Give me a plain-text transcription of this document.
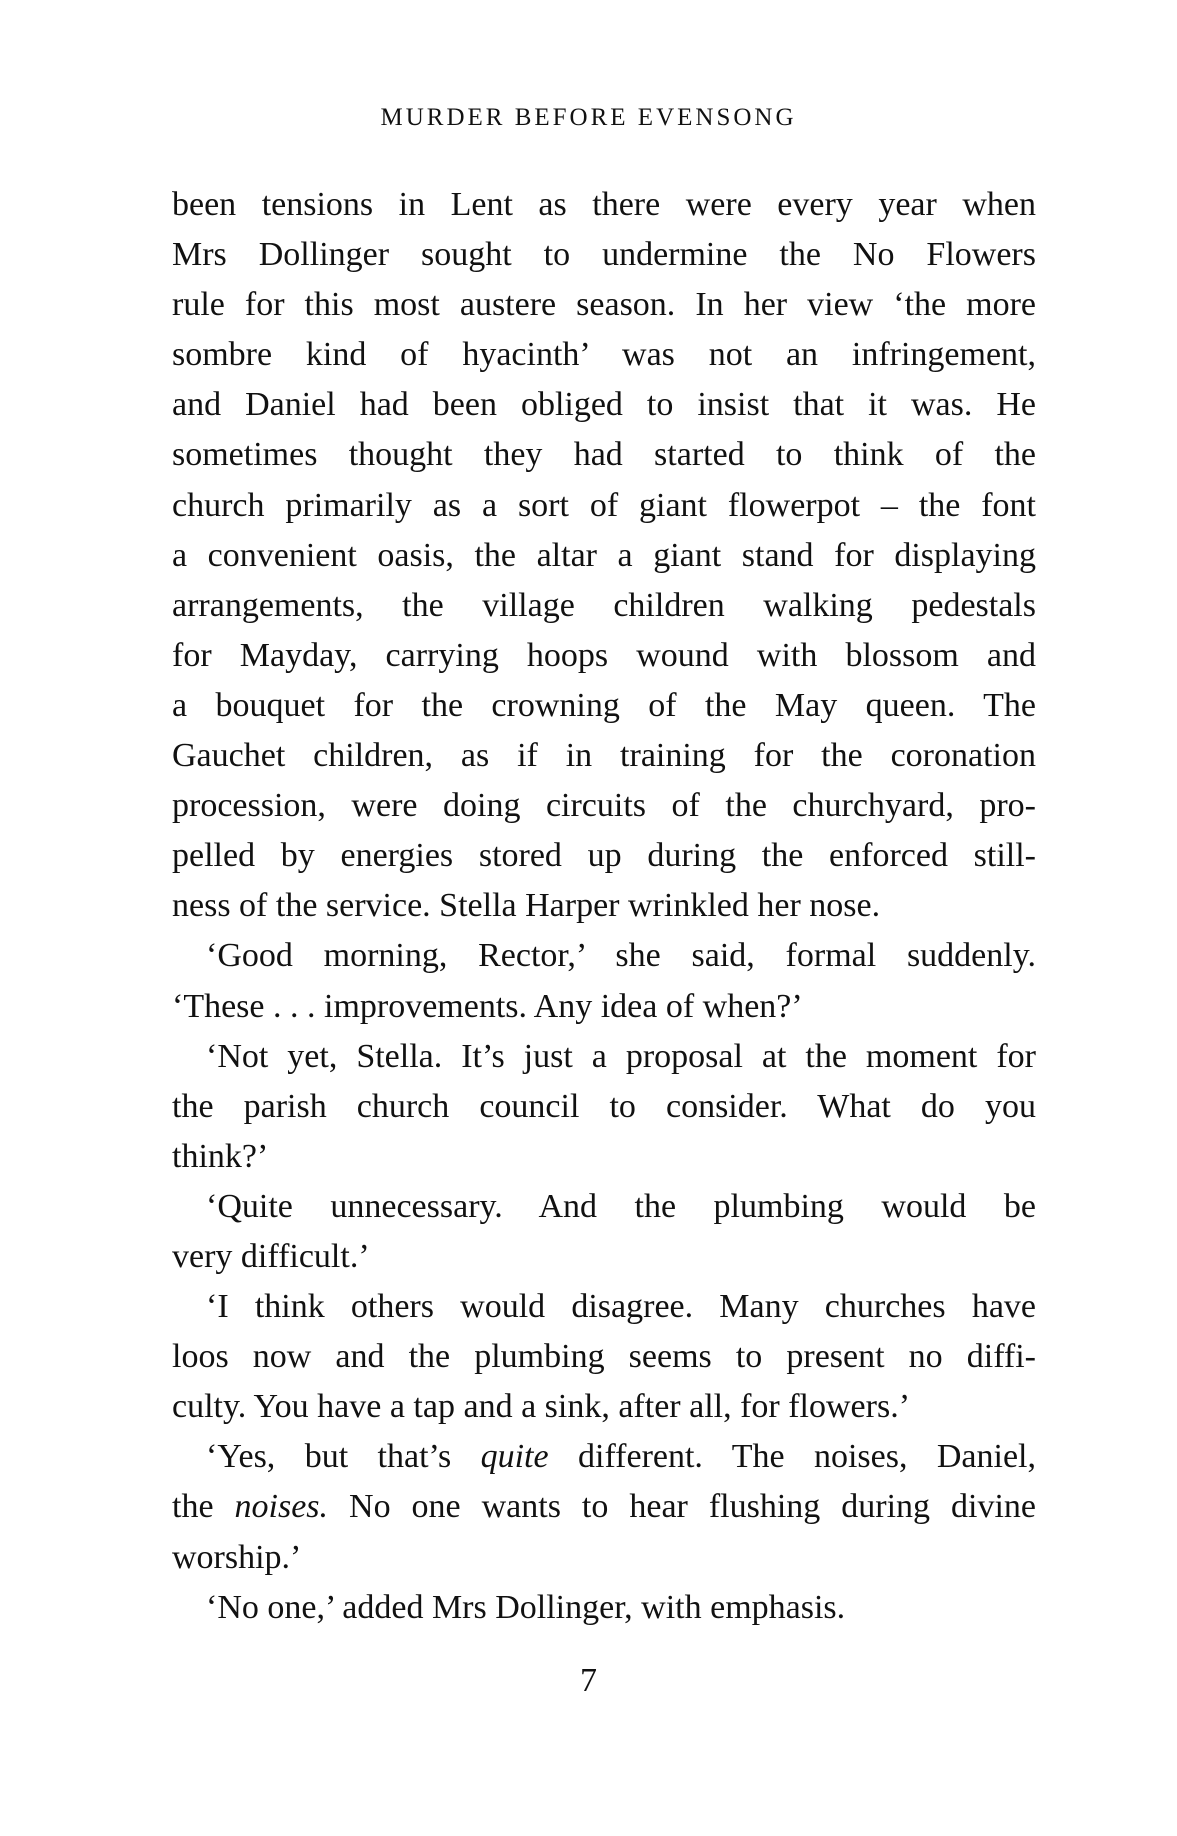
MURDER BEFORE EVENSONG
been tensions in Lent as there were every year when
Mrs Dollinger sought to undermine the No Flowers
rule for this most austere season. In her view ‘the more
sombre kind of hyacinth’ was not an infringement,
and Daniel had been obliged to insist that it was. He
sometimes thought they had started to think of the
church primarily as a sort of giant flowerpot – the font
a convenient oasis, the altar a giant stand for displaying
arrangements, the village children walking pedestals
for Mayday, carrying hoops wound with blossom and
a bouquet for the crowning of the May queen. The
Gauchet children, as if in training for the coronation
procession, were doing circuits of the churchyard, pro-
pelled by energies stored up during the enforced still-
ness of the service. Stella Harper wrinkled her nose.
‘Good morning, Rector,’ she said, formal suddenly.
‘These . . . improvements. Any idea of when?’
‘Not yet, Stella. It’s just a proposal at the moment for
the parish church council to consider. What do you
think?’
‘Quite unnecessary. And the plumbing would be
very difficult.’
‘I think others would disagree. Many churches have
loos now and the plumbing seems to present no diffi-
culty. You have a tap and a sink, after all, for flowers.’
‘Yes, but that’s quite different. The noises, Daniel,
the noises. No one wants to hear flushing during divine
worship.’
‘No one,’ added Mrs Dollinger, with emphasis.
7
